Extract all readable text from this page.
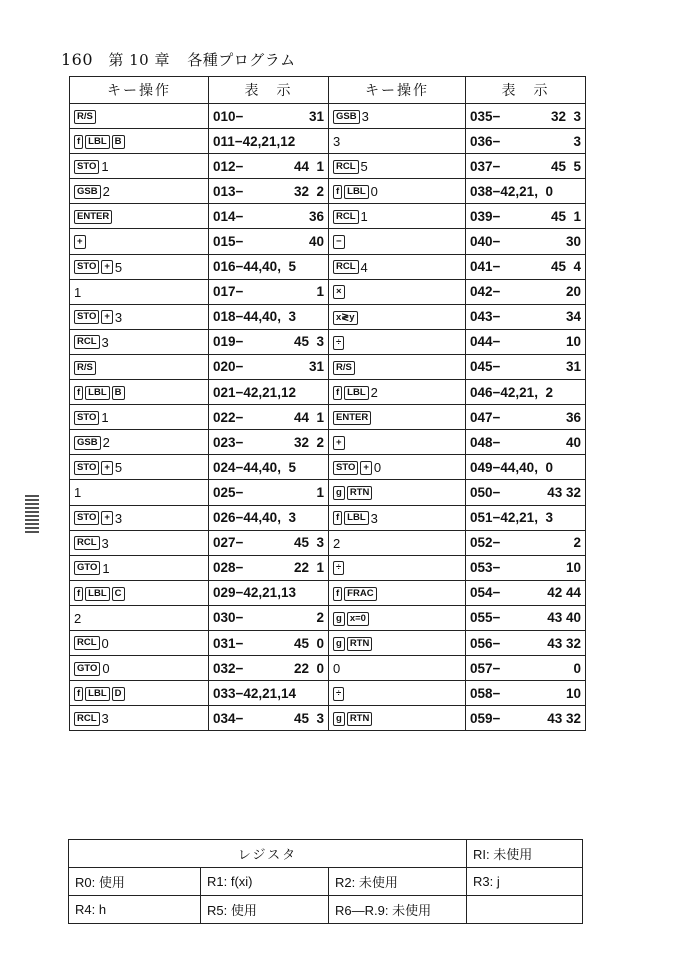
160 第 10 章 各種プログラム
キー操作	表　示	キー操作	表　示
R/S	010− 31	GSB 3	035− 32  3

f LBL B	011−42,21,12	3	036− 3

STO 1	012− 44  1	RCL 5	037− 45  5

GSB 2	013− 32  2	f LBL 0	038−42,21,  0

ENTER	014− 36	RCL 1	039− 45  1

+	015− 40	−	040− 30

STO + 5	016−44,40,  5	RCL 4	041− 45  4

1	017− 1	×	042− 20

STO + 3	018−44,40,  3	x≷y	043− 34

RCL 3	019− 45  3	÷	044− 10

R/S	020− 31	R/S	045− 31

f LBL B	021−42,21,12	f LBL 2	046−42,21,  2

STO 1	022− 44  1	ENTER	047− 36

GSB 2	023− 32  2	+	048− 40

STO + 5	024−44,40,  5	STO + 0	049−44,40,  0

1	025− 1	g RTN	050− 43 32

STO + 3	026−44,40,  3	f LBL 3	051−42,21,  3

RCL 3	027− 45  3	2	052− 2

GTO 1	028− 22  1	÷	053− 10

f LBL C	029−42,21,13	f FRAC	054− 42 44

2	030− 2	g x=0	055− 43 40

RCL 0	031− 45  0	g RTN	056− 43 32

GTO 0	032− 22  0	0	057− 0

f LBL D	033−42,21,14	÷	058− 10

RCL 3	034− 45  3	g RTN	059− 43 32
レジスタ			RI: 未使用
R0: 使用	R1: f(xi)	R2: 未使用	R3: j
R4: h	R5: 使用	R6―R.9: 未使用	
